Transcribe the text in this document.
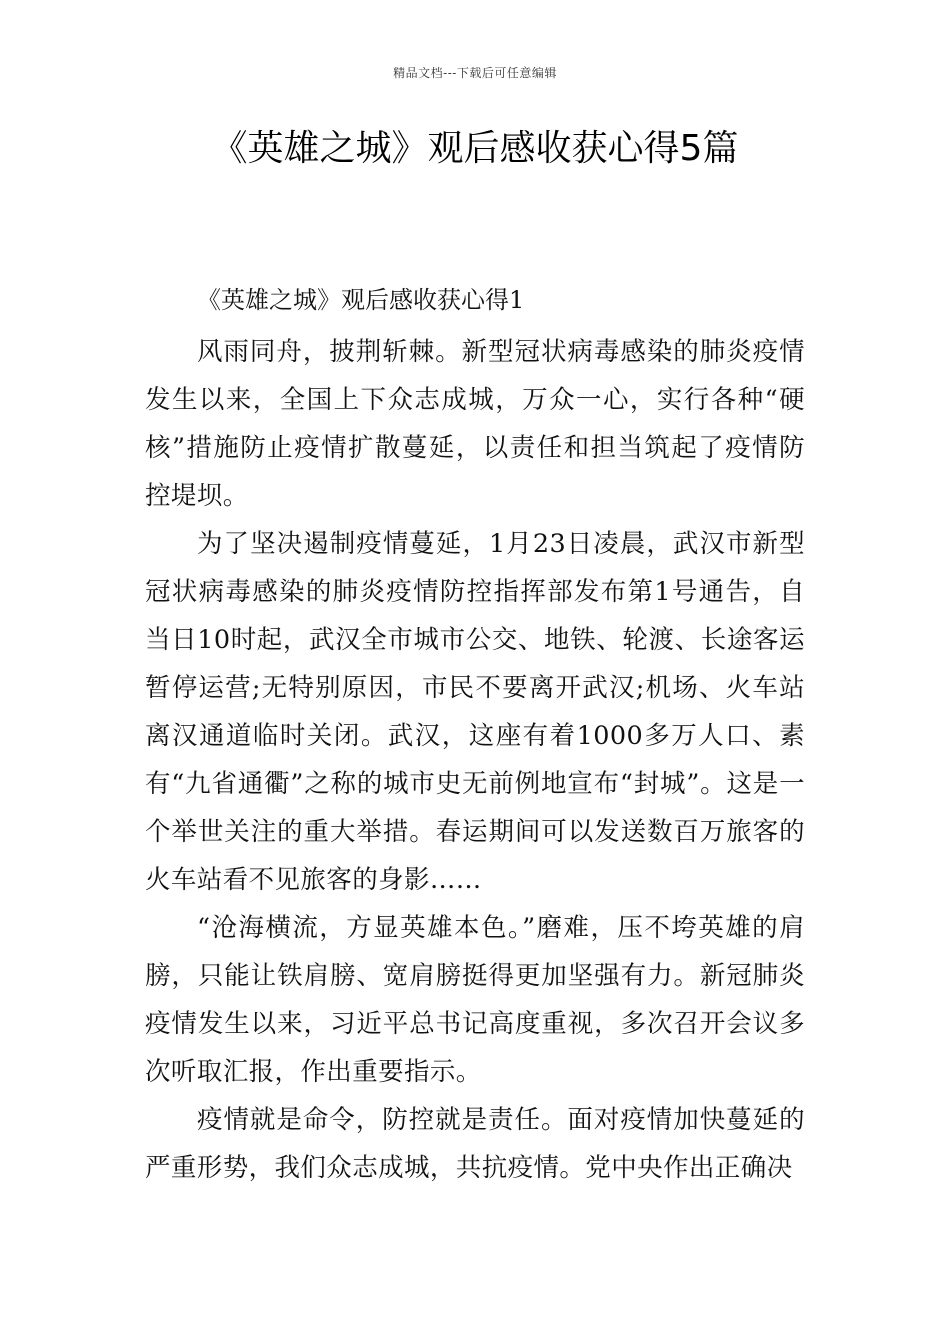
精品文档---下载后可任意编辑
《英雄之城》观后感收获心得5篇

《英雄之城》观后感收获心得1

风雨同舟，披荆斩棘。新型冠状病毒感染的肺炎疫情发生以来，全国上下众志成城，万众一心，实行各种“硬核”措施防止疫情扩散蔓延，以责任和担当筑起了疫情防控堤坝。

为了坚决遏制疫情蔓延，1月23日凌晨，武汉市新型冠状病毒感染的肺炎疫情防控指挥部发布第1号通告，自当日10时起，武汉全市城市公交、地铁、轮渡、长途客运暂停运营;无特别原因，市民不要离开武汉;机场、火车站离汉通道临时关闭。武汉，这座有着1000多万人口、素有“九省通衢”之称的城市史无前例地宣布“封城”。这是一个举世关注的重大举措。春运期间可以发送数百万旅客的火车站看不见旅客的身影……

“沧海横流，方显英雄本色。”磨难，压不垮英雄的肩膀，只能让铁肩膀、宽肩膀挺得更加坚强有力。新冠肺炎疫情发生以来，习近平总书记高度重视，多次召开会议多次听取汇报，作出重要指示。

疫情就是命令，防控就是责任。面对疫情加快蔓延的严重形势，我们众志成城，共抗疫情。党中央作出正确决
